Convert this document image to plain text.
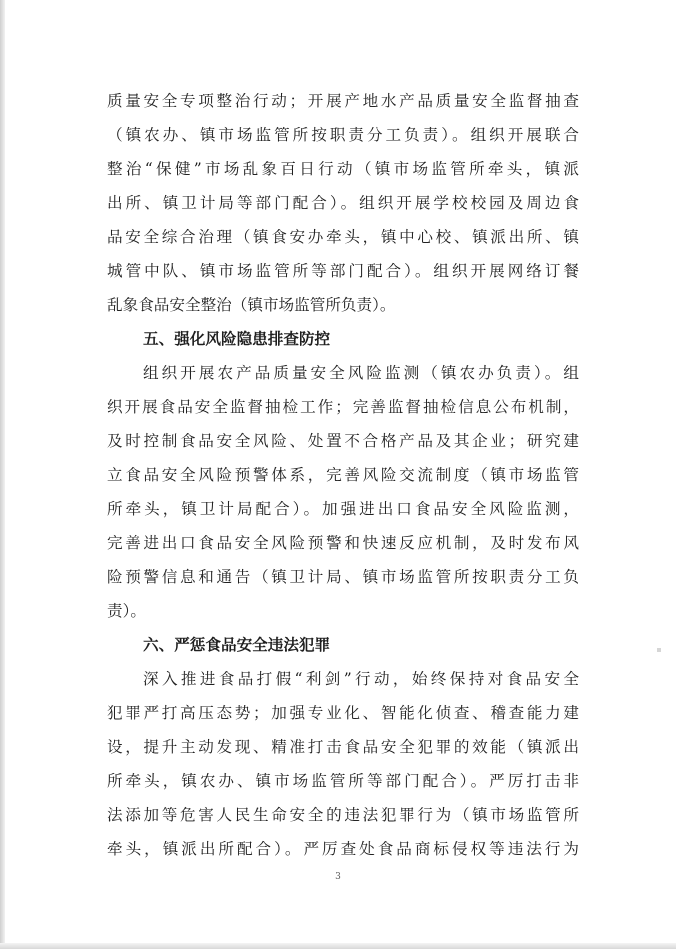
质量安全专项整治行动；开展产地水产品质量安全监督抽查
（镇农办、镇市场监管所按职责分工负责）。组织开展联合
整治“保健”市场乱象百日行动（镇市场监管所牵头，镇派
出所、镇卫计局等部门配合）。组织开展学校校园及周边食
品安全综合治理（镇食安办牵头，镇中心校、镇派出所、镇
城管中队、镇市场监管所等部门配合）。组织开展网络订餐
乱象食品安全整治（镇市场监管所负责）。
五、强化风险隐患排查防控
组织开展农产品质量安全风险监测（镇农办负责）。组
织开展食品安全监督抽检工作；完善监督抽检信息公布机制，
及时控制食品安全风险、处置不合格产品及其企业；研究建
立食品安全风险预警体系，完善风险交流制度（镇市场监管
所牵头，镇卫计局配合）。加强进出口食品安全风险监测，
完善进出口食品安全风险预警和快速反应机制，及时发布风
险预警信息和通告（镇卫计局、镇市场监管所按职责分工负
责）。
六、严惩食品安全违法犯罪
深入推进食品打假“利剑”行动，始终保持对食品安全
犯罪严打高压态势；加强专业化、智能化侦查、稽查能力建
设，提升主动发现、精准打击食品安全犯罪的效能（镇派出
所牵头，镇农办、镇市场监管所等部门配合）。严厉打击非
法添加等危害人民生命安全的违法犯罪行为（镇市场监管所
牵头，镇派出所配合）。严厉查处食品商标侵权等违法行为
3
